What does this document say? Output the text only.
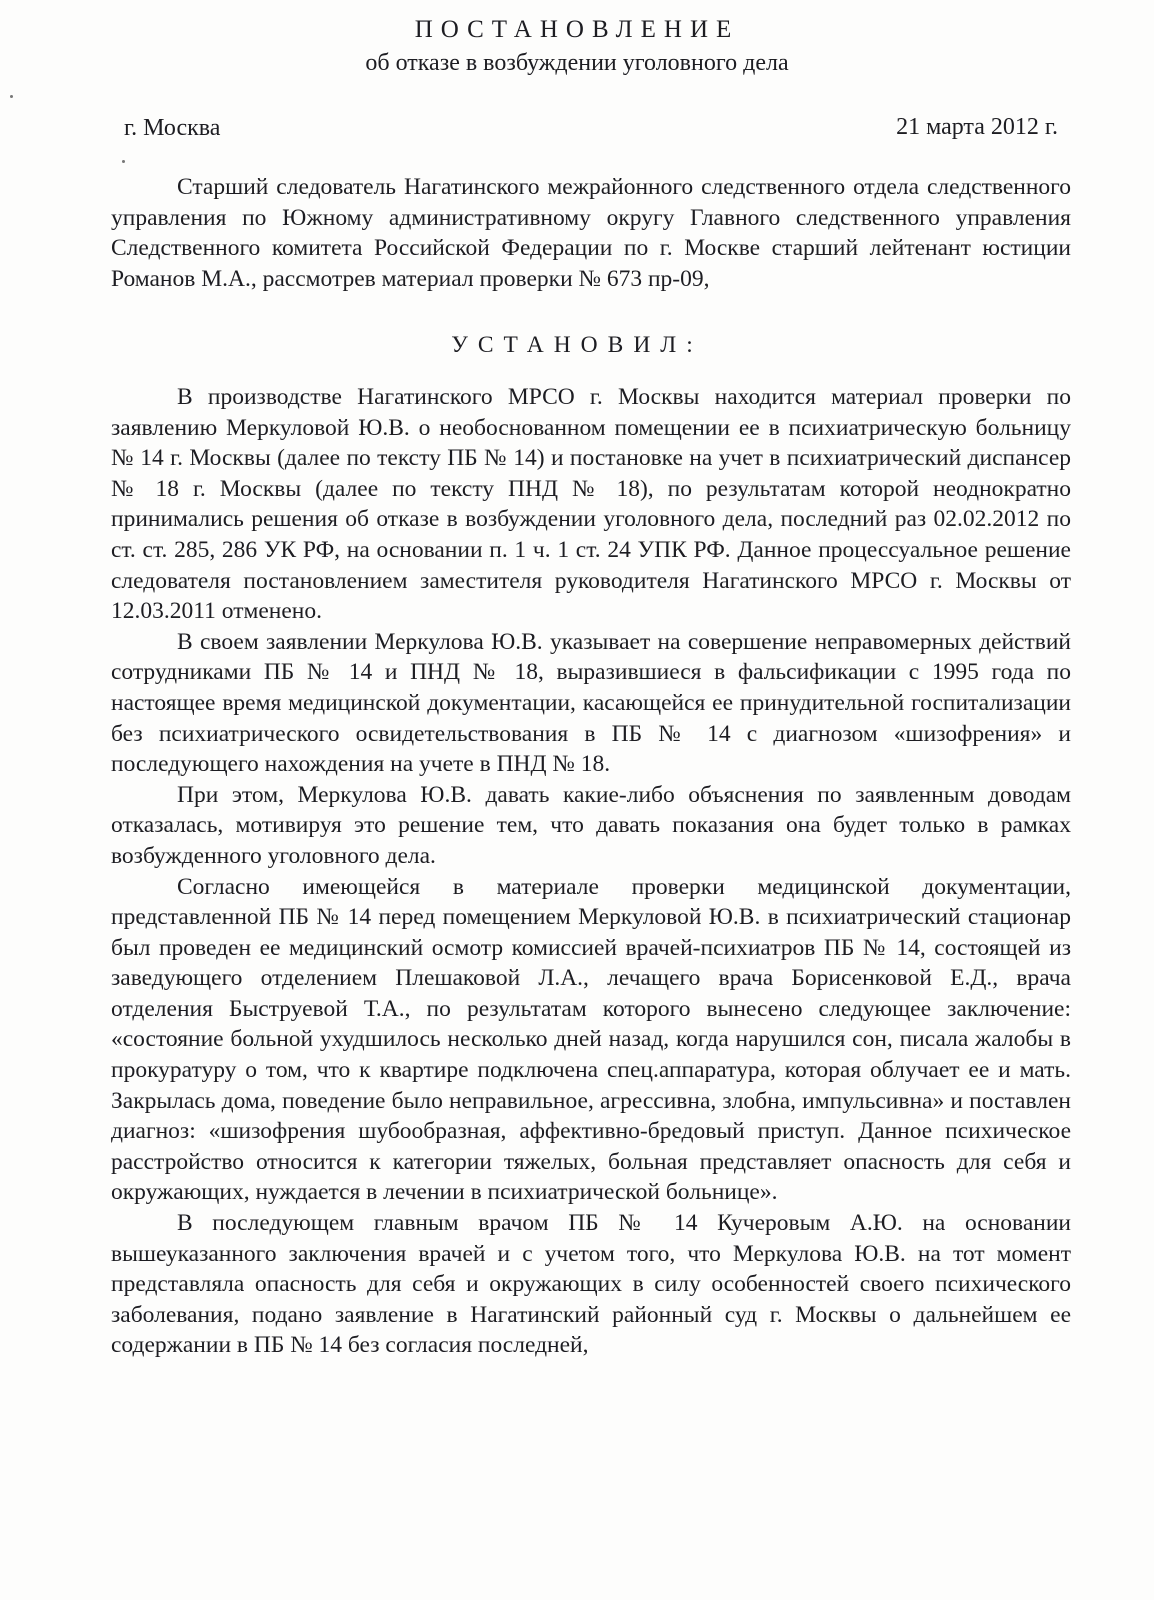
ПОСТАНОВЛЕНИЕ
об отказе в возбуждении уголовного дела
г. Москва	21 марта 2012 г.

Старший следователь Нагатинского межрайонного следственного отдела следственного управления по Южному административному округу Главного следственного управления Следственного комитета Российской Федерации по г. Москве старший лейтенант юстиции Романов М.А., рассмотрев материал проверки № 673 пр-09,

УСТАНОВИЛ:

В производстве Нагатинского МРСО г. Москвы находится материал проверки по заявлению Меркуловой Ю.В. о необоснованном помещении ее в психиатрическую больницу № 14 г. Москвы (далее по тексту ПБ № 14) и постановке на учет в психиатрический диспансер № 18 г. Москвы (далее по тексту ПНД № 18), по результатам которой неоднократно принимались решения об отказе в возбуждении уголовного дела, последний раз 02.02.2012 по ст. ст. 285, 286 УК РФ, на основании п. 1 ч. 1 ст. 24 УПК РФ. Данное процессуальное решение следователя постановлением заместителя руководителя Нагатинского МРСО г. Москвы от 12.03.2011 отменено.

В своем заявлении Меркулова Ю.В. указывает на совершение неправомерных действий сотрудниками ПБ № 14 и ПНД № 18, выразившиеся в фальсификации с 1995 года по настоящее время медицинской документации, касающейся ее принудительной госпитализации без психиатрического освидетельствования в ПБ № 14 с диагнозом «шизофрения» и последующего нахождения на учете в ПНД № 18.

При этом, Меркулова Ю.В. давать какие-либо объяснения по заявленным доводам отказалась, мотивируя это решение тем, что давать показания она будет только в рамках возбужденного уголовного дела.

Согласно имеющейся в материале проверки медицинской документации, представленной ПБ № 14 перед помещением Меркуловой Ю.В. в психиатрический стационар был проведен ее медицинский осмотр комиссией врачей-психиатров ПБ № 14, состоящей из заведующего отделением Плешаковой Л.А., лечащего врача Борисенковой Е.Д., врача отделения Быструевой Т.А., по результатам которого вынесено следующее заключение: «состояние больной ухудшилось несколько дней назад, когда нарушился сон, писала жалобы в прокуратуру о том, что к квартире подключена спец.аппаратура, которая облучает ее и мать. Закрылась дома, поведение было неправильное, агрессивна, злобна, импульсивна» и поставлен диагноз: «шизофрения шубообразная, аффективно-бредовый приступ. Данное психическое расстройство относится к категории тяжелых, больная представляет опасность для себя и окружающих, нуждается в лечении в психиатрической больнице».

В последующем главным врачом ПБ № 14 Кучеровым А.Ю. на основании вышеуказанного заключения врачей и с учетом того, что Меркулова Ю.В. на тот момент представляла опасность для себя и окружающих в силу особенностей своего психического заболевания, подано заявление в Нагатинский районный суд г. Москвы о дальнейшем ее содержании в ПБ № 14 без согласия последней,
